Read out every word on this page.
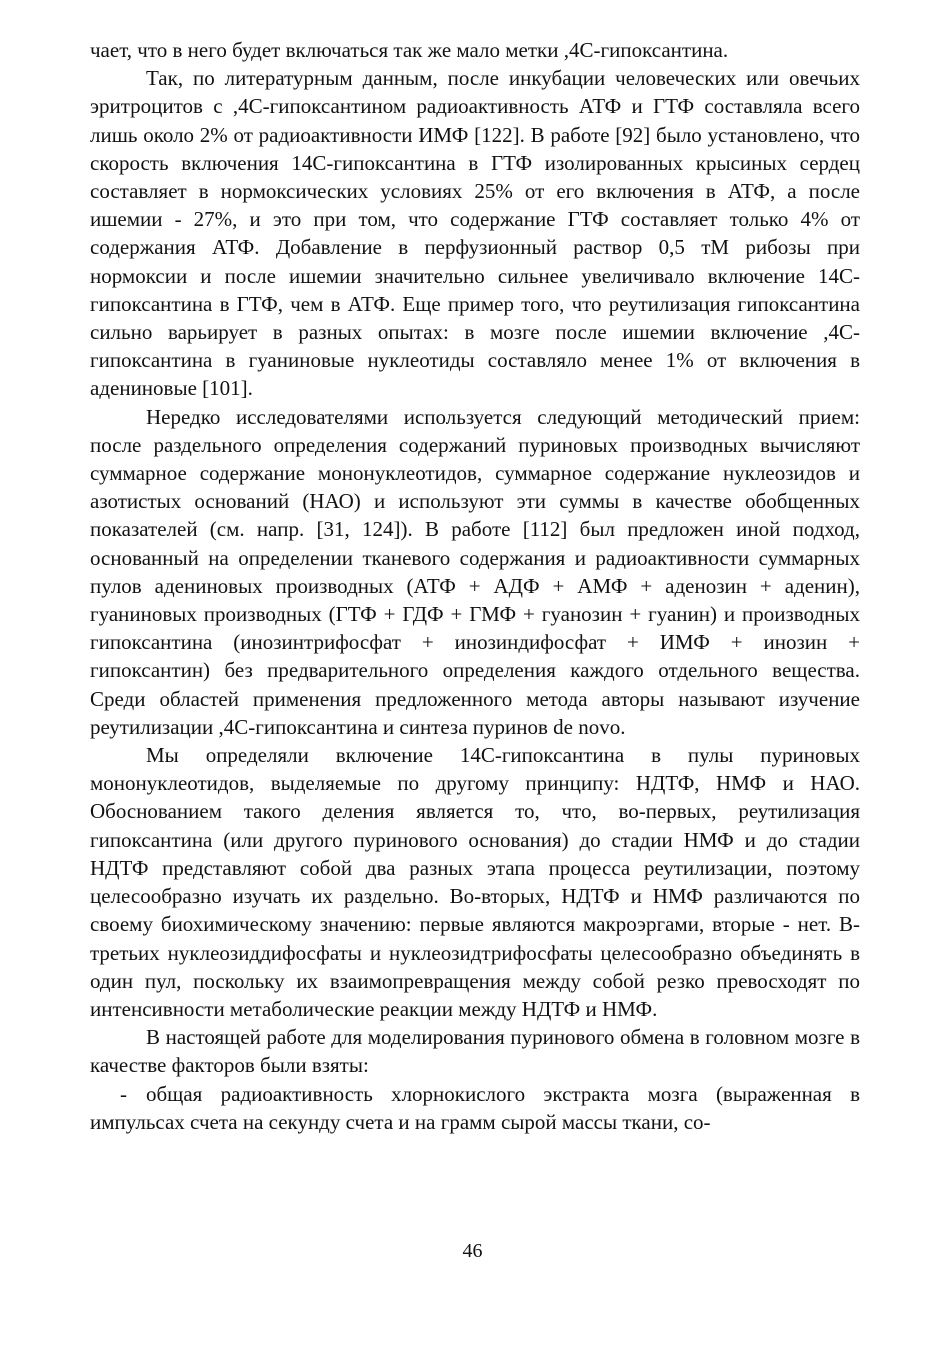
чает, что в него будет включаться так же мало метки ,4C-гипоксантина.

Так, по литературным данным, после инкубации человеческих или овечьих эритроцитов с ,4C-гипоксантином радиоактивность АТФ и ГТФ составляла всего лишь около 2% от радиоактивности ИМФ [122]. В работе [92] было установлено, что скорость включения 14C-гипоксантина в ГТФ изолированных крысиных сердец составляет в нормоксических условиях 25% от его включения в АТФ, а после ишемии - 27%, и это при том, что содержание ГТФ составляет только 4% от содержания АТФ. Добавление в перфузионный раствор 0,5 тМ рибозы при нормоксии и после ишемии значительно сильнее увеличивало включение 14C-гипоксантина в ГТФ, чем в АТФ. Еще пример того, что реутилизация гипоксантина сильно варьирует в разных опытах: в мозге после ишемии включение ,4C-гипоксантина в гуаниновые нуклеотиды составляло менее 1% от включения в адениновые [101].

Нередко исследователями используется следующий методический прием: после раздельного определения содержаний пуриновых производных вычисляют суммарное содержание мононуклеотидов, суммарное содержание нуклеозидов и азотистых оснований (НАО) и используют эти суммы в качестве обобщенных показателей (см. напр. [31, 124]). В работе [112] был предложен иной подход, основанный на определении тканевого содержания и радиоактивности суммарных пулов адениновых производных (АТФ + АДФ + АМФ + аденозин + аденин), гуаниновых производных (ГТФ + ГДФ + ГМФ + гуанозин + гуанин) и производных гипоксантина (инозинтрифосфат + инозиндифосфат + ИМФ + инозин + гипоксантин) без предварительного определения каждого отдельного вещества. Среди областей применения предложенного метода авторы называют изучение реутилизации ,4C-гипоксантина и синтеза пуринов de novo.

Мы определяли включение 14C-гипоксантина в пулы пуриновых мононуклеотидов, выделяемые по другому принципу: НДТФ, НМФ и НАО. Обоснованием такого деления является то, что, во-первых, реутилизация гипоксантина (или другого пуринового основания) до стадии НМФ и до стадии НДТФ представляют собой два разных этапа процесса реутилизации, поэтому целесообразно изучать их раздельно. Во-вторых, НДТФ и НМФ различаются по своему биохимическому значению: первые являются макроэргами, вторые - нет. В-третьих нуклеозиддифосфаты и нуклеозидтрифосфаты целесообразно объединять в один пул, поскольку их взаимопревращения между собой резко превосходят по интенсивности метаболические реакции между НДТФ и НМФ.

В настоящей работе для моделирования пуринового обмена в головном мозге в качестве факторов были взяты:

- общая радиоактивность хлорнокислого экстракта мозга (выраженная в импульсах счета на секунду счета и на грамм сырой массы ткани, со-

46
